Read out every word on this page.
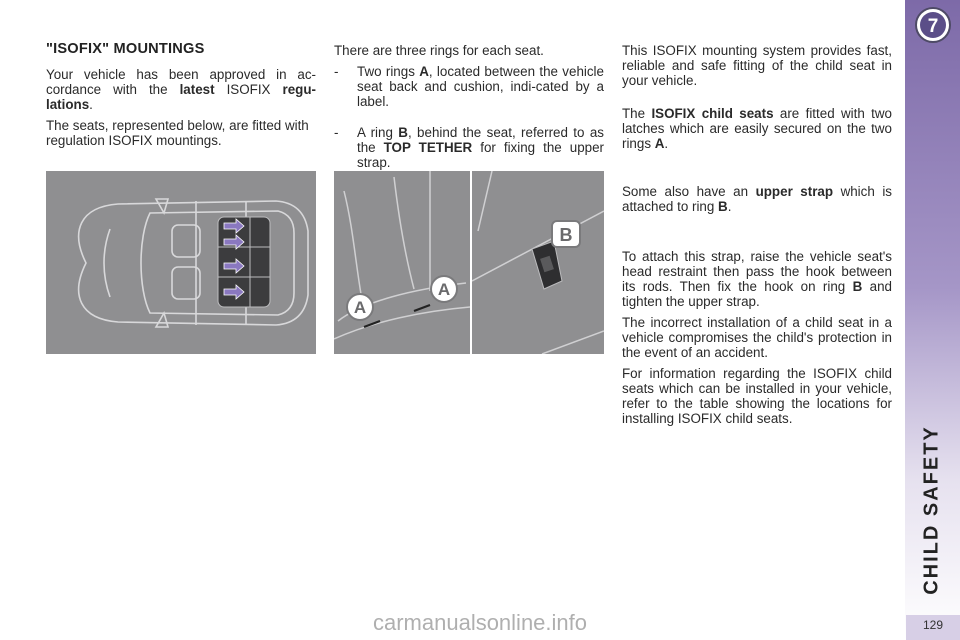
"ISOFIX" MOUNTINGS

Your vehicle has been approved in ac-cordance with the latest ISOFIX regu-lations.

The seats, represented below, are fitted with regulation ISOFIX mountings.

There are three rings for each seat.

-	Two rings A, located between the vehicle seat back and cushion, indi-cated by a label.
-	A ring B, behind the seat, referred to as the TOP TETHER for fixing the upper strap.

This ISOFIX mounting system provides fast, reliable and safe fitting of the child seat in your vehicle.

The ISOFIX child seats are fitted with two latches which are easily secured on the two rings A.

Some also have an upper strap which is attached to ring B.

To attach this strap, raise the vehicle seat's head restraint then pass the hook between its rods. Then fix the hook on ring B and tighten the upper strap.

The incorrect installation of a child seat in a vehicle compromises the child's protection in the event of an accident.

For information regarding the ISOFIX child seats which can be installed in your vehicle, refer to the table showing the locations for installing ISOFIX child seats.

A
A
B
7
CHILD SAFETY
129
carmanualsonline.info
